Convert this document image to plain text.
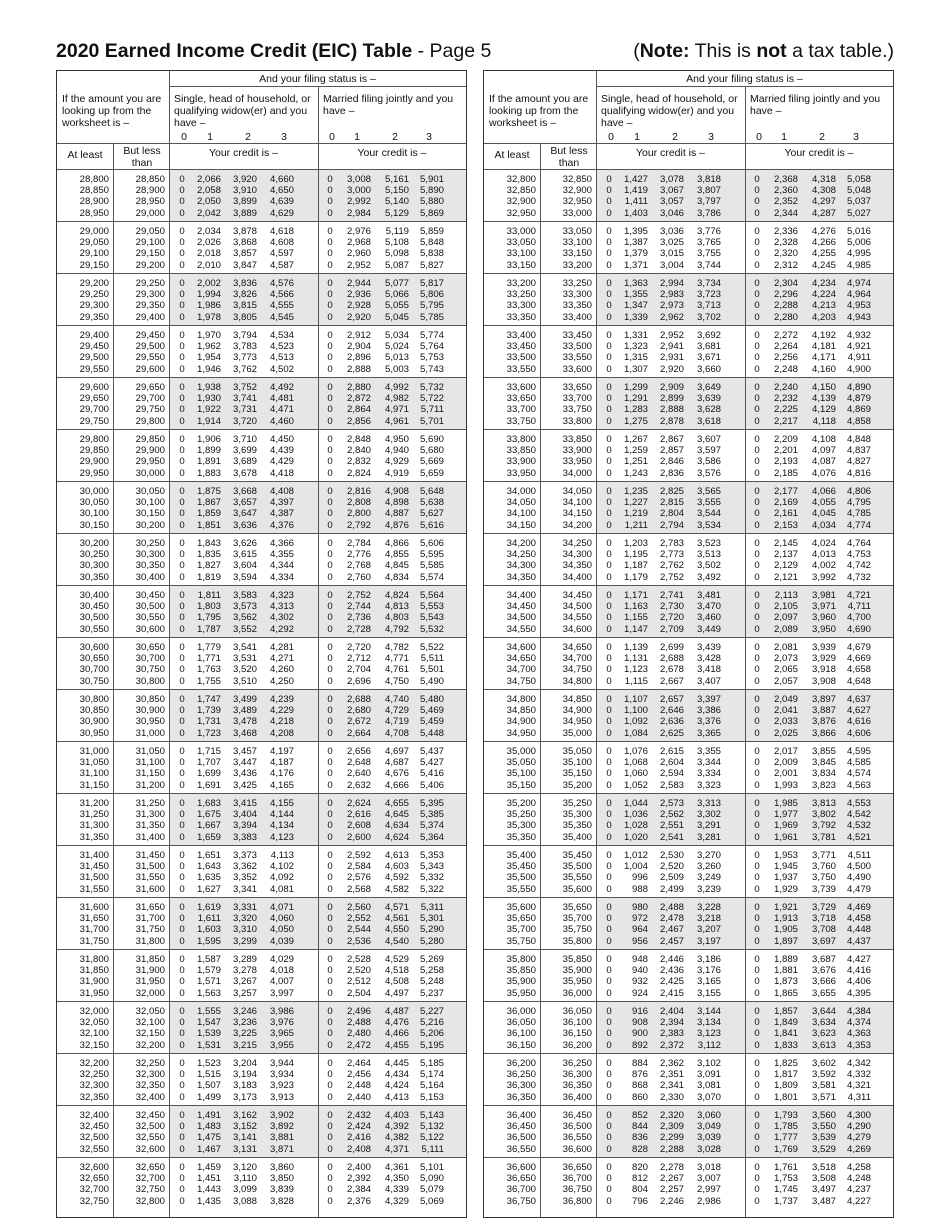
2020 Earned Income Credit (EIC) Table - Page 5	(Note: This is not a tax table.)
And your filing status is –
If the amount you are looking up from the worksheet is –
Single, head of household, or qualifying widow(er) and you have –
Married filing jointly and you have –
0	1	2	3	0	1	2	3
At least	But less than
Your credit is –	Your credit is –
28,800	28,850	0	2,066	3,920	4,660	0	3,008	5,161	5,901
28,850	28,900	0	2,058	3,910	4,650	0	3,000	5,150	5,890
28,900	28,950	0	2,050	3,899	4,639	0	2,992	5,140	5,880
28,950	29,000	0	2,042	3,889	4,629	0	2,984	5,129	5,869
29,000	29,050	0	2,034	3,878	4,618	0	2,976	5,119	5,859
29,050	29,100	0	2,026	3,868	4,608	0	2,968	5,108	5,848
29,100	29,150	0	2,018	3,857	4,597	0	2,960	5,098	5,838
29,150	29,200	0	2,010	3,847	4,587	0	2,952	5,087	5,827
29,200	29,250	0	2,002	3,836	4,576	0	2,944	5,077	5,817
29,250	29,300	0	1,994	3,826	4,566	0	2,936	5,066	5,806
29,300	29,350	0	1,986	3,815	4,555	0	2,928	5,055	5,795
29,350	29,400	0	1,978	3,805	4,545	0	2,920	5,045	5,785
29,400	29,450	0	1,970	3,794	4,534	0	2,912	5,034	5,774
29,450	29,500	0	1,962	3,783	4,523	0	2,904	5,024	5,764
29,500	29,550	0	1,954	3,773	4,513	0	2,896	5,013	5,753
29,550	29,600	0	1,946	3,762	4,502	0	2,888	5,003	5,743
29,600	29,650	0	1,938	3,752	4,492	0	2,880	4,992	5,732
29,650	29,700	0	1,930	3,741	4,481	0	2,872	4,982	5,722
29,700	29,750	0	1,922	3,731	4,471	0	2,864	4,971	5,711
29,750	29,800	0	1,914	3,720	4,460	0	2,856	4,961	5,701
29,800	29,850	0	1,906	3,710	4,450	0	2,848	4,950	5,690
29,850	29,900	0	1,899	3,699	4,439	0	2,840	4,940	5,680
29,900	29,950	0	1,891	3,689	4,429	0	2,832	4,929	5,669
29,950	30,000	0	1,883	3,678	4,418	0	2,824	4,919	5,659
30,000	30,050	0	1,875	3,668	4,408	0	2,816	4,908	5,648
30,050	30,100	0	1,867	3,657	4,397	0	2,808	4,898	5,638
30,100	30,150	0	1,859	3,647	4,387	0	2,800	4,887	5,627
30,150	30,200	0	1,851	3,636	4,376	0	2,792	4,876	5,616
30,200	30,250	0	1,843	3,626	4,366	0	2,784	4,866	5,606
30,250	30,300	0	1,835	3,615	4,355	0	2,776	4,855	5,595
30,300	30,350	0	1,827	3,604	4,344	0	2,768	4,845	5,585
30,350	30,400	0	1,819	3,594	4,334	0	2,760	4,834	5,574
30,400	30,450	0	1,811	3,583	4,323	0	2,752	4,824	5,564
30,450	30,500	0	1,803	3,573	4,313	0	2,744	4,813	5,553
30,500	30,550	0	1,795	3,562	4,302	0	2,736	4,803	5,543
30,550	30,600	0	1,787	3,552	4,292	0	2,728	4,792	5,532
30,600	30,650	0	1,779	3,541	4,281	0	2,720	4,782	5,522
30,650	30,700	0	1,771	3,531	4,271	0	2,712	4,771	5,511
30,700	30,750	0	1,763	3,520	4,260	0	2,704	4,761	5,501
30,750	30,800	0	1,755	3,510	4,250	0	2,696	4,750	5,490
30,800	30,850	0	1,747	3,499	4,239	0	2,688	4,740	5,480
30,850	30,900	0	1,739	3,489	4,229	0	2,680	4,729	5,469
30,900	30,950	0	1,731	3,478	4,218	0	2,672	4,719	5,459
30,950	31,000	0	1,723	3,468	4,208	0	2,664	4,708	5,448
31,000	31,050	0	1,715	3,457	4,197	0	2,656	4,697	5,437
31,050	31,100	0	1,707	3,447	4,187	0	2,648	4,687	5,427
31,100	31,150	0	1,699	3,436	4,176	0	2,640	4,676	5,416
31,150	31,200	0	1,691	3,425	4,165	0	2,632	4,666	5,406
31,200	31,250	0	1,683	3,415	4,155	0	2,624	4,655	5,395
31,250	31,300	0	1,675	3,404	4,144	0	2,616	4,645	5,385
31,300	31,350	0	1,667	3,394	4,134	0	2,608	4,634	5,374
31,350	31,400	0	1,659	3,383	4,123	0	2,600	4,624	5,364
31,400	31,450	0	1,651	3,373	4,113	0	2,592	4,613	5,353
31,450	31,500	0	1,643	3,362	4,102	0	2,584	4,603	5,343
31,500	31,550	0	1,635	3,352	4,092	0	2,576	4,592	5,332
31,550	31,600	0	1,627	3,341	4,081	0	2,568	4,582	5,322
31,600	31,650	0	1,619	3,331	4,071	0	2,560	4,571	5,311
31,650	31,700	0	1,611	3,320	4,060	0	2,552	4,561	5,301
31,700	31,750	0	1,603	3,310	4,050	0	2,544	4,550	5,290
31,750	31,800	0	1,595	3,299	4,039	0	2,536	4,540	5,280
31,800	31,850	0	1,587	3,289	4,029	0	2,528	4,529	5,269
31,850	31,900	0	1,579	3,278	4,018	0	2,520	4,518	5,258
31,900	31,950	0	1,571	3,267	4,007	0	2,512	4,508	5,248
31,950	32,000	0	1,563	3,257	3,997	0	2,504	4,497	5,237
32,000	32,050	0	1,555	3,246	3,986	0	2,496	4,487	5,227
32,050	32,100	0	1,547	3,236	3,976	0	2,488	4,476	5,216
32,100	32,150	0	1,539	3,225	3,965	0	2,480	4,466	5,206
32,150	32,200	0	1,531	3,215	3,955	0	2,472	4,455	5,195
32,200	32,250	0	1,523	3,204	3,944	0	2,464	4,445	5,185
32,250	32,300	0	1,515	3,194	3,934	0	2,456	4,434	5,174
32,300	32,350	0	1,507	3,183	3,923	0	2,448	4,424	5,164
32,350	32,400	0	1,499	3,173	3,913	0	2,440	4,413	5,153
32,400	32,450	0	1,491	3,162	3,902	0	2,432	4,403	5,143
32,450	32,500	0	1,483	3,152	3,892	0	2,424	4,392	5,132
32,500	32,550	0	1,475	3,141	3,881	0	2,416	4,382	5,122
32,550	32,600	0	1,467	3,131	3,871	0	2,408	4,371	5,111
32,600	32,650	0	1,459	3,120	3,860	0	2,400	4,361	5,101
32,650	32,700	0	1,451	3,110	3,850	0	2,392	4,350	5,090
32,700	32,750	0	1,443	3,099	3,839	0	2,384	4,339	5,079
32,750	32,800	0	1,435	3,088	3,828	0	2,376	4,329	5,069
And your filing status is –
If the amount you are looking up from the worksheet is –
Single, head of household, or qualifying widow(er) and you have –
Married filing jointly and you have –
0	1	2	3	0	1	2	3
At least	But less than
Your credit is –	Your credit is –
32,800	32,850	0	1,427	3,078	3,818	0	2,368	4,318	5,058
32,850	32,900	0	1,419	3,067	3,807	0	2,360	4,308	5,048
32,900	32,950	0	1,411	3,057	3,797	0	2,352	4,297	5,037
32,950	33,000	0	1,403	3,046	3,786	0	2,344	4,287	5,027
33,000	33,050	0	1,395	3,036	3,776	0	2,336	4,276	5,016
33,050	33,100	0	1,387	3,025	3,765	0	2,328	4,266	5,006
33,100	33,150	0	1,379	3,015	3,755	0	2,320	4,255	4,995
33,150	33,200	0	1,371	3,004	3,744	0	2,312	4,245	4,985
33,200	33,250	0	1,363	2,994	3,734	0	2,304	4,234	4,974
33,250	33,300	0	1,355	2,983	3,723	0	2,296	4,224	4,964
33,300	33,350	0	1,347	2,973	3,713	0	2,288	4,213	4,953
33,350	33,400	0	1,339	2,962	3,702	0	2,280	4,203	4,943
33,400	33,450	0	1,331	2,952	3,692	0	2,272	4,192	4,932
33,450	33,500	0	1,323	2,941	3,681	0	2,264	4,181	4,921
33,500	33,550	0	1,315	2,931	3,671	0	2,256	4,171	4,911
33,550	33,600	0	1,307	2,920	3,660	0	2,248	4,160	4,900
33,600	33,650	0	1,299	2,909	3,649	0	2,240	4,150	4,890
33,650	33,700	0	1,291	2,899	3,639	0	2,232	4,139	4,879
33,700	33,750	0	1,283	2,888	3,628	0	2,225	4,129	4,869
33,750	33,800	0	1,275	2,878	3,618	0	2,217	4,118	4,858
33,800	33,850	0	1,267	2,867	3,607	0	2,209	4,108	4,848
33,850	33,900	0	1,259	2,857	3,597	0	2,201	4,097	4,837
33,900	33,950	0	1,251	2,846	3,586	0	2,193	4,087	4,827
33,950	34,000	0	1,243	2,836	3,576	0	2,185	4,076	4,816
34,000	34,050	0	1,235	2,825	3,565	0	2,177	4,066	4,806
34,050	34,100	0	1,227	2,815	3,555	0	2,169	4,055	4,795
34,100	34,150	0	1,219	2,804	3,544	0	2,161	4,045	4,785
34,150	34,200	0	1,211	2,794	3,534	0	2,153	4,034	4,774
34,200	34,250	0	1,203	2,783	3,523	0	2,145	4,024	4,764
34,250	34,300	0	1,195	2,773	3,513	0	2,137	4,013	4,753
34,300	34,350	0	1,187	2,762	3,502	0	2,129	4,002	4,742
34,350	34,400	0	1,179	2,752	3,492	0	2,121	3,992	4,732
34,400	34,450	0	1,171	2,741	3,481	0	2,113	3,981	4,721
34,450	34,500	0	1,163	2,730	3,470	0	2,105	3,971	4,711
34,500	34,550	0	1,155	2,720	3,460	0	2,097	3,960	4,700
34,550	34,600	0	1,147	2,709	3,449	0	2,089	3,950	4,690
34,600	34,650	0	1,139	2,699	3,439	0	2,081	3,939	4,679
34,650	34,700	0	1,131	2,688	3,428	0	2,073	3,929	4,669
34,700	34,750	0	1,123	2,678	3,418	0	2,065	3,918	4,658
34,750	34,800	0	1,115	2,667	3,407	0	2,057	3,908	4,648
34,800	34,850	0	1,107	2,657	3,397	0	2,049	3,897	4,637
34,850	34,900	0	1,100	2,646	3,386	0	2,041	3,887	4,627
34,900	34,950	0	1,092	2,636	3,376	0	2,033	3,876	4,616
34,950	35,000	0	1,084	2,625	3,365	0	2,025	3,866	4,606
35,000	35,050	0	1,076	2,615	3,355	0	2,017	3,855	4,595
35,050	35,100	0	1,068	2,604	3,344	0	2,009	3,845	4,585
35,100	35,150	0	1,060	2,594	3,334	0	2,001	3,834	4,574
35,150	35,200	0	1,052	2,583	3,323	0	1,993	3,823	4,563
35,200	35,250	0	1,044	2,573	3,313	0	1,985	3,813	4,553
35,250	35,300	0	1,036	2,562	3,302	0	1,977	3,802	4,542
35,300	35,350	0	1,028	2,551	3,291	0	1,969	3,792	4,532
35,350	35,400	0	1,020	2,541	3,281	0	1,961	3,781	4,521
35,400	35,450	0	1,012	2,530	3,270	0	1,953	3,771	4,511
35,450	35,500	0	1,004	2,520	3,260	0	1,945	3,760	4,500
35,500	35,550	0	996	2,509	3,249	0	1,937	3,750	4,490
35,550	35,600	0	988	2,499	3,239	0	1,929	3,739	4,479
35,600	35,650	0	980	2,488	3,228	0	1,921	3,729	4,469
35,650	35,700	0	972	2,478	3,218	0	1,913	3,718	4,458
35,700	35,750	0	964	2,467	3,207	0	1,905	3,708	4,448
35,750	35,800	0	956	2,457	3,197	0	1,897	3,697	4,437
35,800	35,850	0	948	2,446	3,186	0	1,889	3,687	4,427
35,850	35,900	0	940	2,436	3,176	0	1,881	3,676	4,416
35,900	35,950	0	932	2,425	3,165	0	1,873	3,666	4,406
35,950	36,000	0	924	2,415	3,155	0	1,865	3,655	4,395
36,000	36,050	0	916	2,404	3,144	0	1,857	3,644	4,384
36,050	36,100	0	908	2,394	3,134	0	1,849	3,634	4,374
36,100	36,150	0	900	2,383	3,123	0	1,841	3,623	4,363
36,150	36,200	0	892	2,372	3,112	0	1,833	3,613	4,353
36,200	36,250	0	884	2,362	3,102	0	1,825	3,602	4,342
36,250	36,300	0	876	2,351	3,091	0	1,817	3,592	4,332
36,300	36,350	0	868	2,341	3,081	0	1,809	3,581	4,321
36,350	36,400	0	860	2,330	3,070	0	1,801	3,571	4,311
36,400	36,450	0	852	2,320	3,060	0	1,793	3,560	4,300
36,450	36,500	0	844	2,309	3,049	0	1,785	3,550	4,290
36,500	36,550	0	836	2,299	3,039	0	1,777	3,539	4,279
36,550	36,600	0	828	2,288	3,028	0	1,769	3,529	4,269
36,600	36,650	0	820	2,278	3,018	0	1,761	3,518	4,258
36,650	36,700	0	812	2,267	3,007	0	1,753	3,508	4,248
36,700	36,750	0	804	2,257	2,997	0	1,745	3,497	4,237
36,750	36,800	0	796	2,246	2,986	0	1,737	3,487	4,227
